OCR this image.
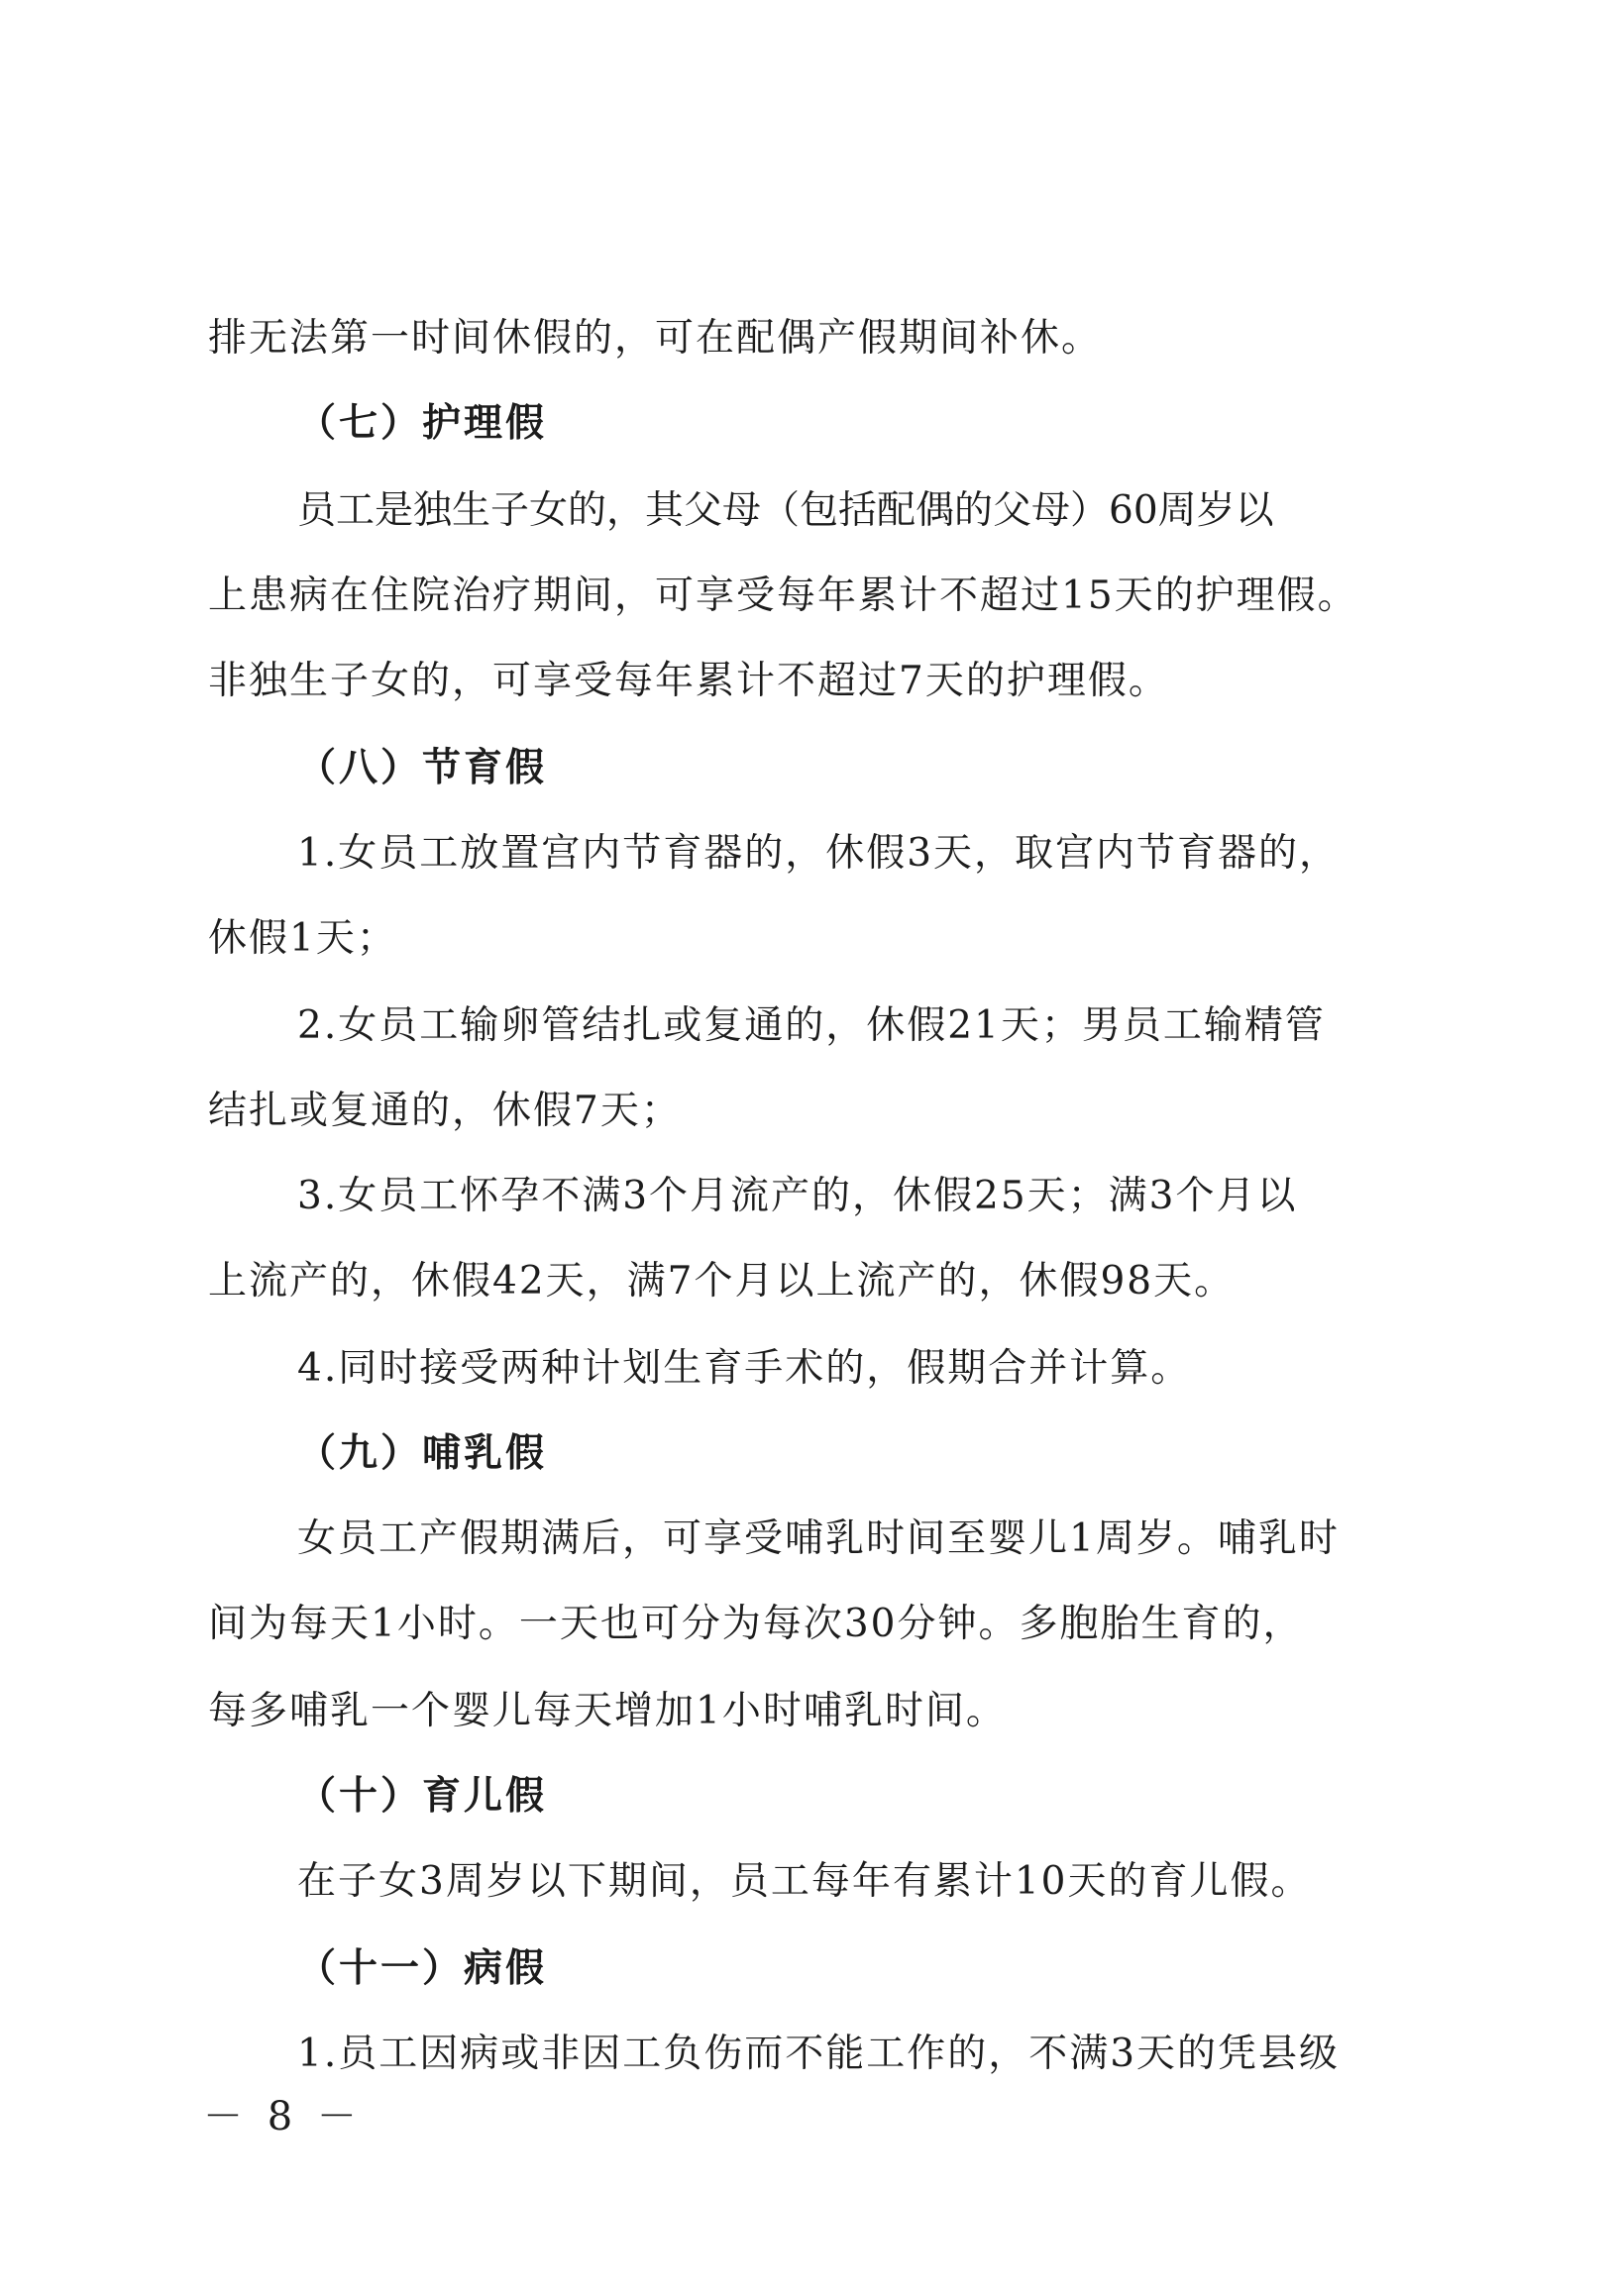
排无法第一时间休假的，可在配偶产假期间补休。
（七）护理假
员工是独生子女的，其父母（包括配偶的父母）60周岁以
上患病在住院治疗期间，可享受每年累计不超过15天的护理假。
非独生子女的，可享受每年累计不超过7天的护理假。
（八）节育假
1.女员工放置宫内节育器的，休假3天，取宫内节育器的，
休假1天；
2.女员工输卵管结扎或复通的，休假21天；男员工输精管
结扎或复通的，休假7天；
3.女员工怀孕不满3个月流产的，休假25天；满3个月以
上流产的，休假42天，满7个月以上流产的，休假98天。
4.同时接受两种计划生育手术的，假期合并计算。
（九）哺乳假
女员工产假期满后，可享受哺乳时间至婴儿1周岁。哺乳时
间为每天1小时。一天也可分为每次30分钟。多胞胎生育的，
每多哺乳一个婴儿每天增加1小时哺乳时间。
（十）育儿假
在子女3周岁以下期间，员工每年有累计10天的育儿假。
（十一）病假
1.员工因病或非因工负伤而不能工作的，不满3天的凭县级
－ 8 －
